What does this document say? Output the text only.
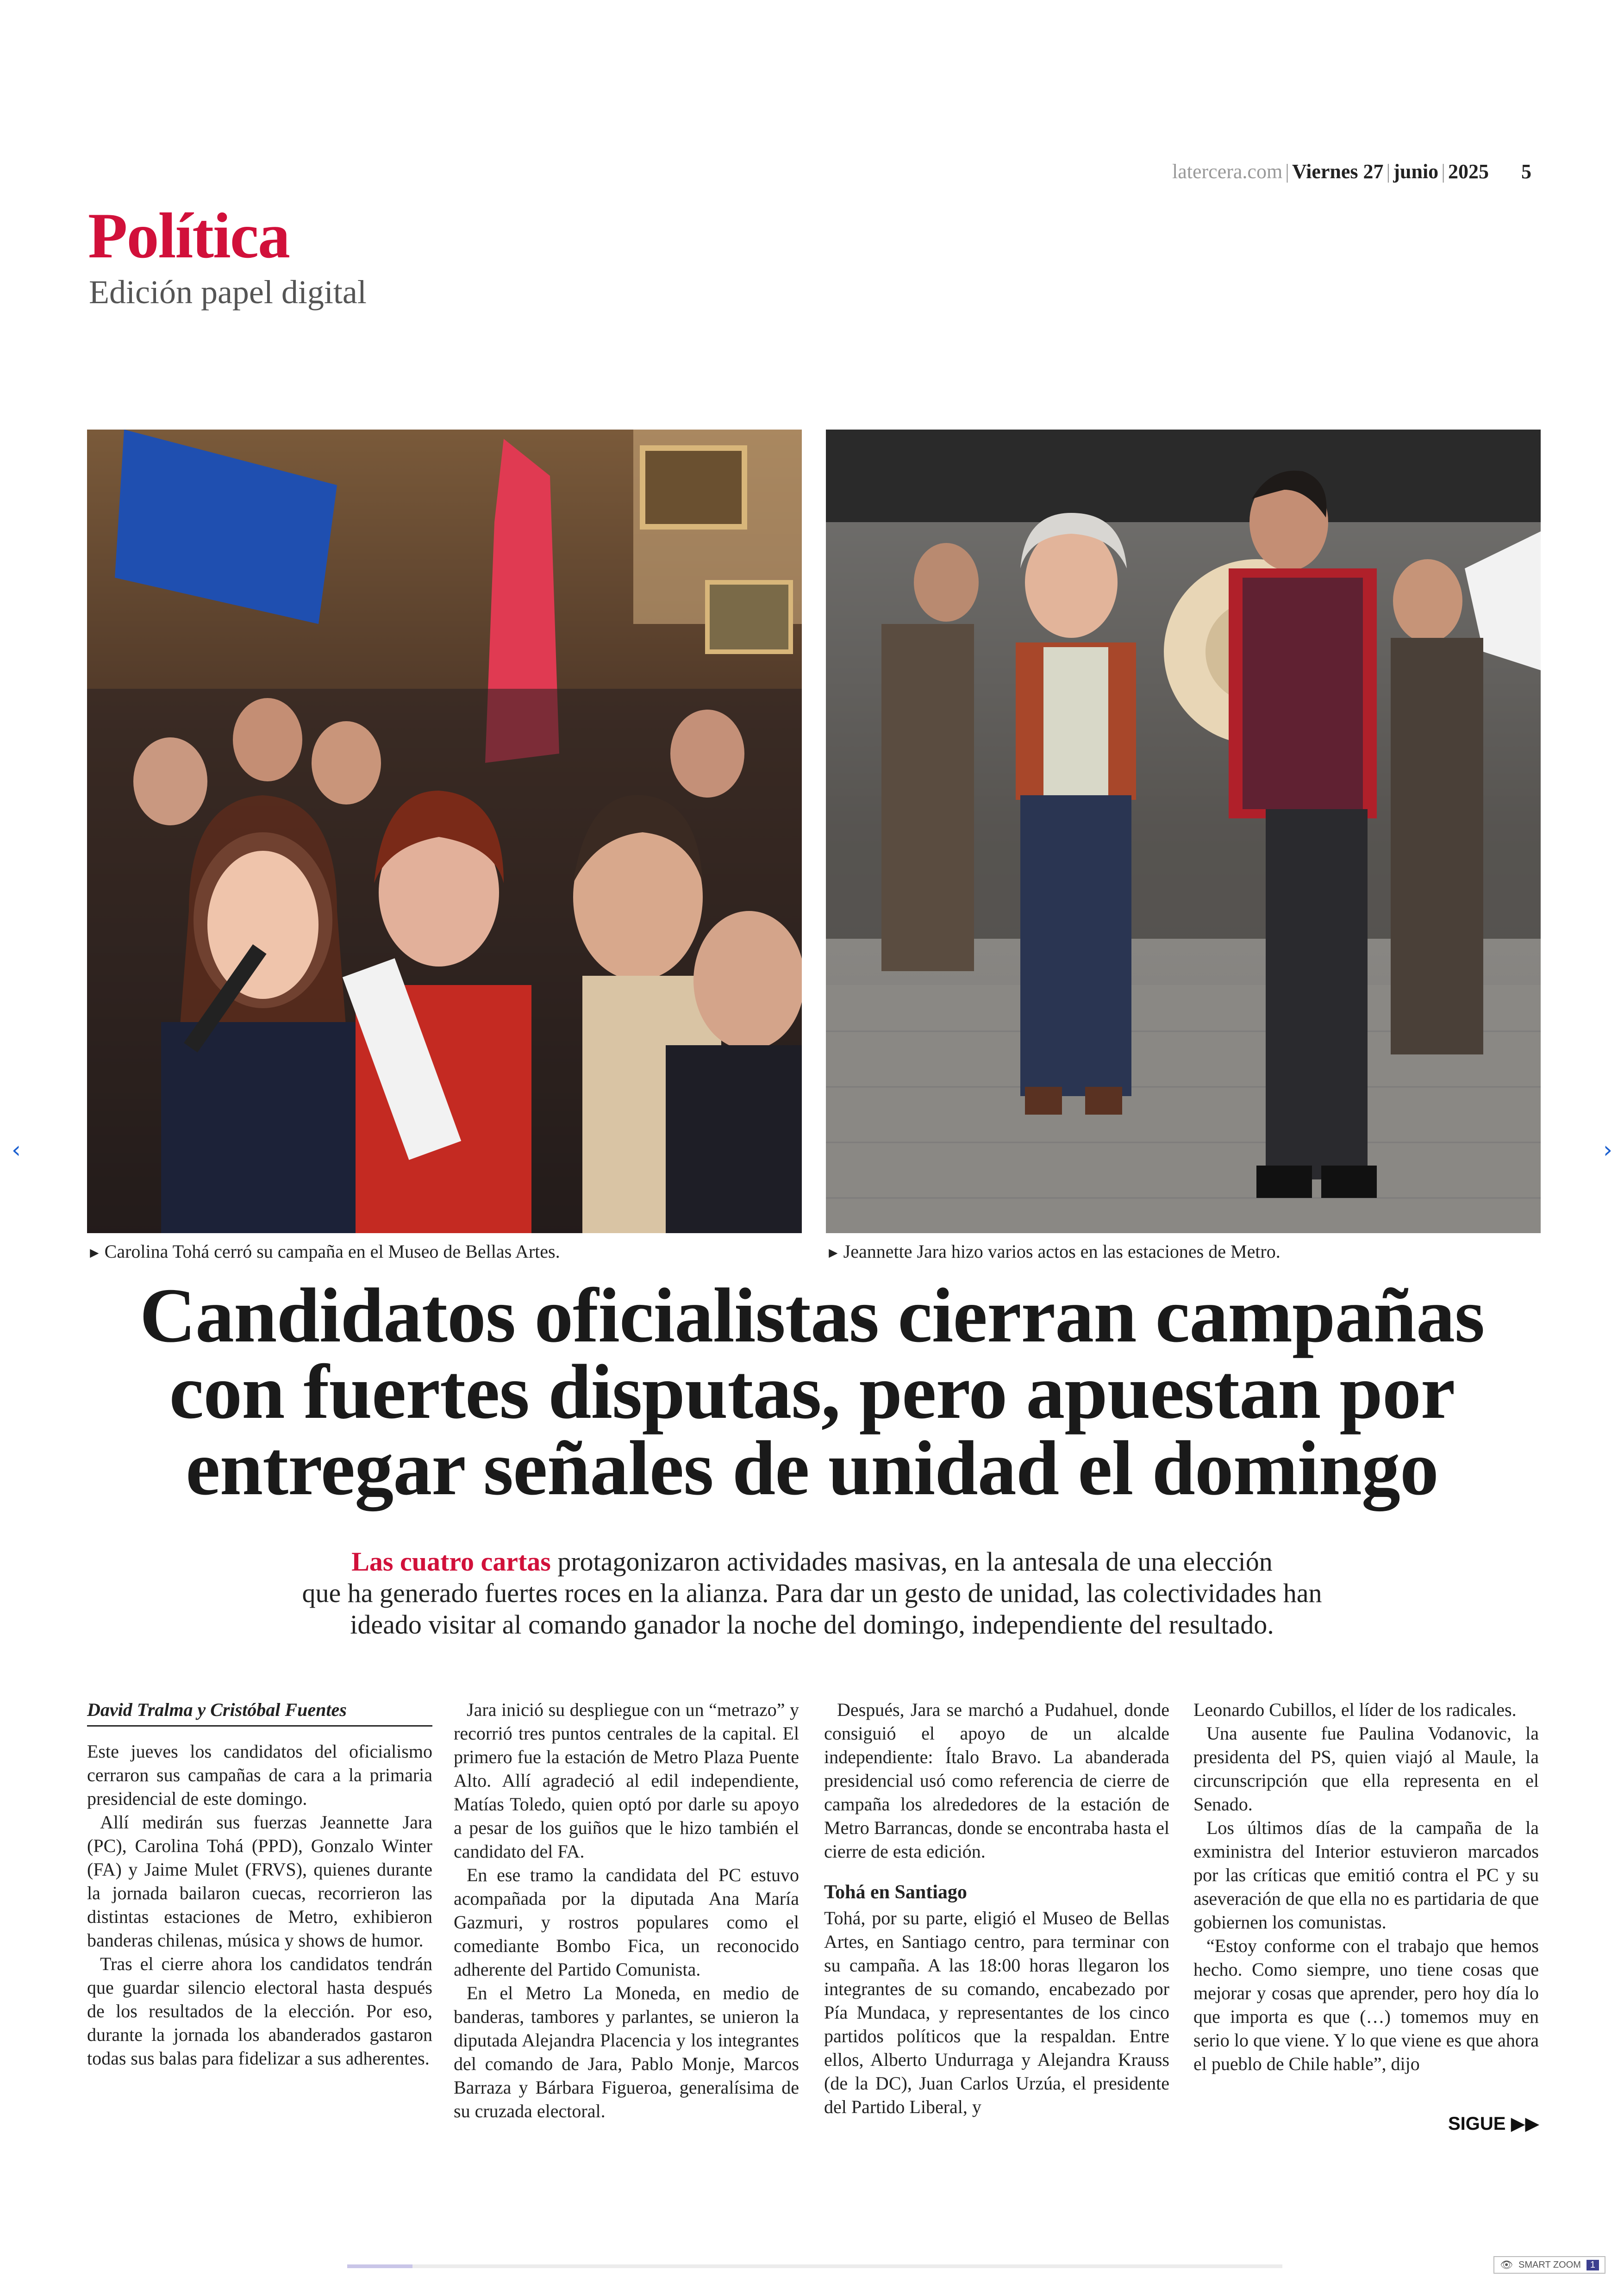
latercera.com | Viernes 27 | junio | 2025 5
Política
Edición papel digital
► Carolina Tohá cerró su campaña en el Museo de Bellas Artes.	► Jeannette Jara hizo varios actos en las estaciones de Metro.
Candidatos oficialistas cierran campañas
con fuertes disputas, pero apuestan por
entregar señales de unidad el domingo
Las cuatro cartas protagonizaron actividades masivas, en la antesala de una elección
que ha generado fuertes roces en la alianza. Para dar un gesto de unidad, las colectividades han
ideado visitar al comando ganador la noche del domingo, independiente del resultado.
David Tralma y Cristóbal Fuentes

Este jueves los candidatos del oficialismo cerraron sus campañas de cara a la primaria presidencial de este domingo.

Allí medirán sus fuerzas Jeannette Jara (PC), Carolina Tohá (PPD), Gonzalo Winter (FA) y Jaime Mulet (FRVS), quienes durante la jornada bailaron cuecas, recorrieron las distintas estaciones de Metro, exhibieron banderas chilenas, música y shows de humor.

Tras el cierre ahora los candidatos tendrán que guardar silencio electoral hasta después de los resultados de la elección. Por eso, durante la jornada los abanderados gastaron todas sus balas para fidelizar a sus adherentes.

Jara inició su despliegue con un “metrazo” y recorrió tres puntos centrales de la capital. El primero fue la estación de Metro Plaza Puente Alto. Allí agradeció al edil independiente, Matías Toledo, quien optó por darle su apoyo a pesar de los guiños que le hizo también el candidato del FA.

En ese tramo la candidata del PC estuvo acompañada por la diputada Ana María Gazmuri, y rostros populares como el comediante Bombo Fica, un reconocido adherente del Partido Comunista.

En el Metro La Moneda, en medio de banderas, tambores y parlantes, se unieron la diputada Alejandra Placencia y los integrantes del comando de Jara, Pablo Monje, Marcos Barraza y Bárbara Figueroa, generalísima de su cruzada electoral.

Después, Jara se marchó a Pudahuel, donde consiguió el apoyo de un alcalde independiente: Ítalo Bravo. La abanderada presidencial usó como referencia de cierre de campaña los alrededores de la estación de Metro Barrancas, donde se encontraba hasta el cierre de esta edición.

Tohá en Santiago

Tohá, por su parte, eligió el Museo de Bellas Artes, en Santiago centro, para terminar con su campaña. A las 18:00 horas llegaron los integrantes de su comando, encabezado por Pía Mundaca, y representantes de los cinco partidos políticos que la respaldan. Entre ellos, Alberto Undurraga y Alejandra Krauss (de la DC), Juan Carlos Urzúa, el presidente del Partido Liberal, y

Leonardo Cubillos, el líder de los radicales.

Una ausente fue Paulina Vodanovic, la presidenta del PS, quien viajó al Maule, la circunscripción que ella representa en el Senado.

Los últimos días de la campaña de la exministra del Interior estuvieron marcados por las críticas que emitió contra el PC y su aseveración de que ella no es partidaria de que gobiernen los comunistas.

“Estoy conforme con el trabajo que hemos hecho. Como siempre, uno tiene cosas que mejorar y cosas que aprender, pero hoy día lo que importa es que (…) tomemos muy en serio lo que viene. Y lo que viene es que ahora el pueblo de Chile hable”, dijo

SIGUE ▶▶
‹	›
👁 SMART ZOOM	1
